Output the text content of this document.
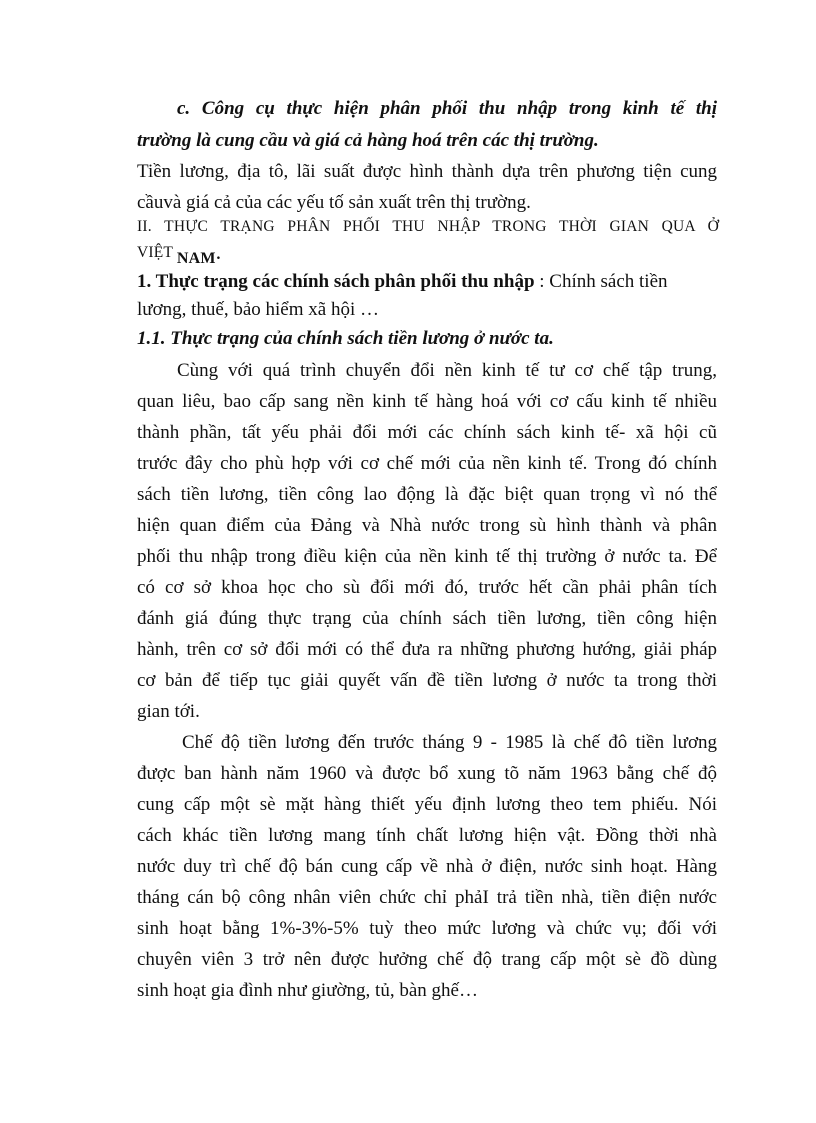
c. Công cụ thực hiện phân phối thu nhập trong kinh tế thị
trường là cung cầu và giá cả hàng hoá trên các thị trường.
Tiền lương, địa tô, lãi suất được hình thành dựa trên phương tiện cung
cầuvà giá cả của các yếu tố sản xuất trên thị trường.
II. THỰC TRẠNG PHÂN PHỐI THU NHẬP TRONG THỜI GIAN QUA Ở
VIỆT NAM·
1. Thực trạng các chính sách phân phối thu nhập : Chính sách tiền
lương, thuế, bảo hiểm xã hội …
1.1. Thực trạng của chính sách tiền lương ở nước ta.
Cùng với quá trình chuyển đổi nền kinh tế tư cơ chế tập trung,
quan liêu, bao cấp sang nền kinh tế hàng hoá với cơ cấu kinh tế nhiều
thành phần, tất yếu phải đổi mới các chính sách kinh tế- xã hội cũ
trước đây cho phù hợp với cơ chế mới của nền kinh tế. Trong đó chính
sách tiền lương, tiền công lao động là đặc biệt quan trọng vì nó thể
hiện quan điểm của Đảng và Nhà nước trong sù hình thành và phân
phối thu nhập trong điều kiện của nền kinh tế thị trường ở nước ta. Để
có cơ sở khoa học cho sù đổi mới đó, trước hết cần phải phân tích
đánh giá đúng thực trạng của chính sách tiền lương, tiền công hiện
hành, trên cơ sở đổi mới có thể đưa ra những phương hướng, giải pháp
cơ bản để tiếp tục giải quyết vấn đề tiền lương ở nước ta trong thời
gian tới.
Chế độ tiền lương đến trước tháng 9 - 1985 là chế đô tiền lương
được ban hành năm 1960 và được bổ xung tõ năm 1963 bằng chế độ
cung cấp một sè mặt hàng thiết yếu định lương theo tem phiếu. Nói
cách khác tiền lương mang tính chất lương hiện vật. Đồng thời nhà
nước duy trì chế độ bán cung cấp về nhà ở điện, nước sinh hoạt. Hàng
tháng cán bộ công nhân viên chức chỉ phảI trả tiền nhà, tiền điện nước
sinh hoạt bằng 1%-3%-5% tuỳ theo mức lương và chức vụ; đối với
chuyên viên 3 trở nên được hưởng chế độ trang cấp một sè đồ dùng
sinh hoạt gia đình như giường, tủ, bàn ghế…
